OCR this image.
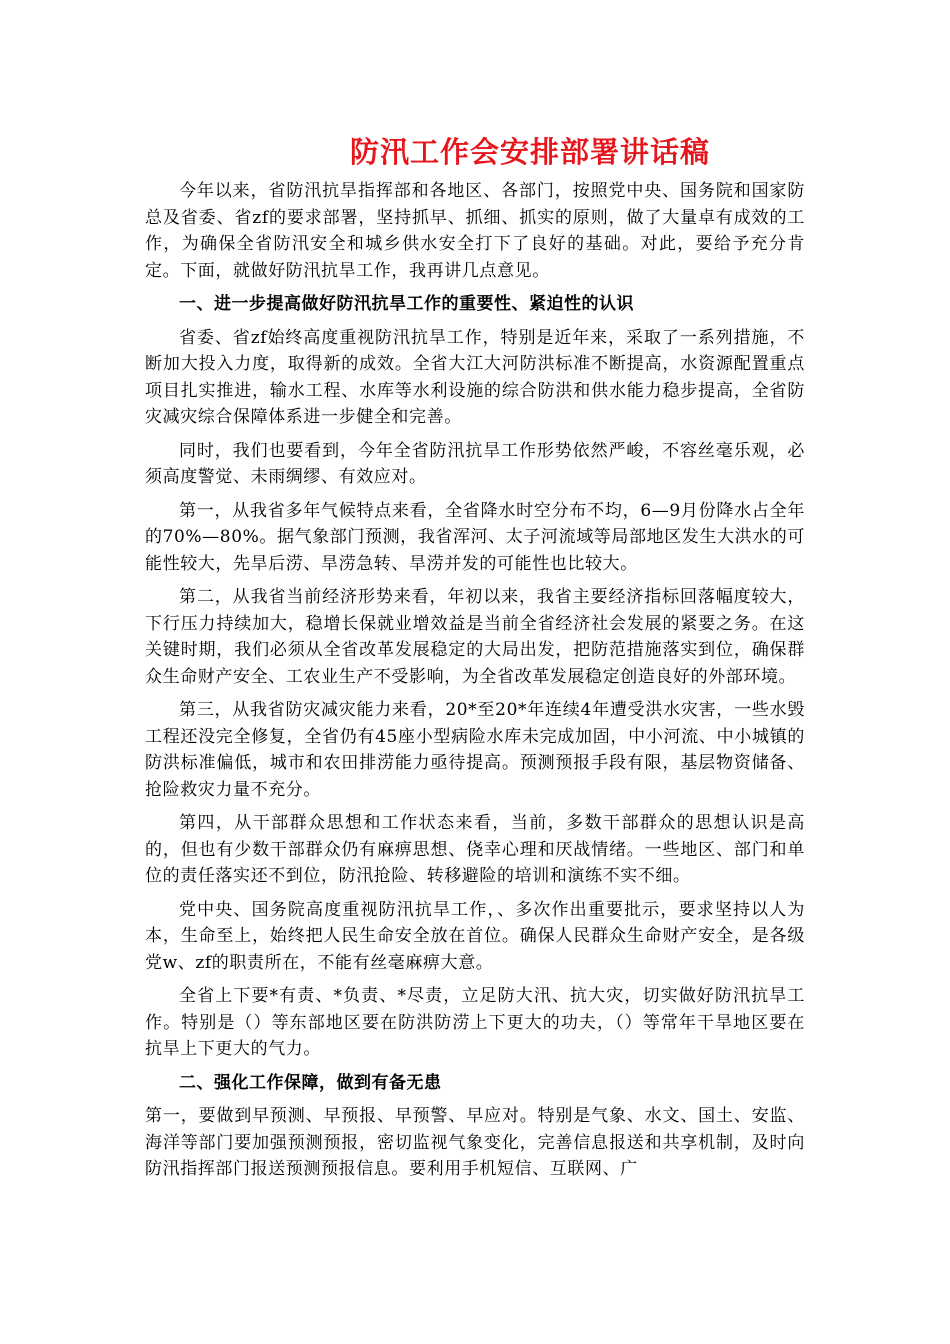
防汛工作会安排部署讲话稿

今年以来，省防汛抗旱指挥部和各地区、各部门，按照党中央、国务院和国家防总及省委、省zf的要求部署，坚持抓早、抓细、抓实的原则，做了大量卓有成效的工作，为确保全省防汛安全和城乡供水安全打下了良好的基础。对此，要给予充分肯定。下面，就做好防汛抗旱工作，我再讲几点意见。

一、进一步提高做好防汛抗旱工作的重要性、紧迫性的认识

省委、省zf始终高度重视防汛抗旱工作，特别是近年来，采取了一系列措施，不断加大投入力度，取得新的成效。全省大江大河防洪标准不断提高，水资源配置重点项目扎实推进，输水工程、水库等水利设施的综合防洪和供水能力稳步提高，全省防灾减灾综合保障体系进一步健全和完善。

同时，我们也要看到，今年全省防汛抗旱工作形势依然严峻，不容丝毫乐观，必须高度警觉、未雨绸缪、有效应对。

第一，从我省多年气候特点来看，全省降水时空分布不均，6—9月份降水占全年的70%—80%。据气象部门预测，我省浑河、太子河流域等局部地区发生大洪水的可能性较大，先旱后涝、旱涝急转、旱涝并发的可能性也比较大。

第二，从我省当前经济形势来看，年初以来，我省主要经济指标回落幅度较大，下行压力持续加大，稳增长保就业增效益是当前全省经济社会发展的紧要之务。在这关键时期，我们必须从全省改革发展稳定的大局出发，把防范措施落实到位，确保群众生命财产安全、工农业生产不受影响，为全省改革发展稳定创造良好的外部环境。

第三，从我省防灾减灾能力来看，20*至20*年连续4年遭受洪水灾害，一些水毁工程还没完全修复，全省仍有45座小型病险水库未完成加固，中小河流、中小城镇的防洪标准偏低，城市和农田排涝能力亟待提高。预测预报手段有限，基层物资储备、抢险救灾力量不充分。

第四，从干部群众思想和工作状态来看，当前，多数干部群众的思想认识是高的，但也有少数干部群众仍有麻痹思想、侥幸心理和厌战情绪。一些地区、部门和单位的责任落实还不到位，防汛抢险、转移避险的培训和演练不实不细。

党中央、国务院高度重视防汛抗旱工作，、多次作出重要批示，要求坚持以人为本，生命至上，始终把人民生命安全放在首位。确保人民群众生命财产安全，是各级党w、zf的职责所在，不能有丝毫麻痹大意。

全省上下要*有责、*负责、*尽责，立足防大汛、抗大灾，切实做好防汛抗旱工作。特别是（）等东部地区要在防洪防涝上下更大的功夫，（）等常年干旱地区要在抗旱上下更大的气力。

二、强化工作保障，做到有备无患

第一，要做到早预测、早预报、早预警、早应对。特别是气象、水文、国土、安监、海洋等部门要加强预测预报，密切监视气象变化，完善信息报送和共享机制，及时向防汛指挥部门报送预测预报信息。要利用手机短信、互联网、广
